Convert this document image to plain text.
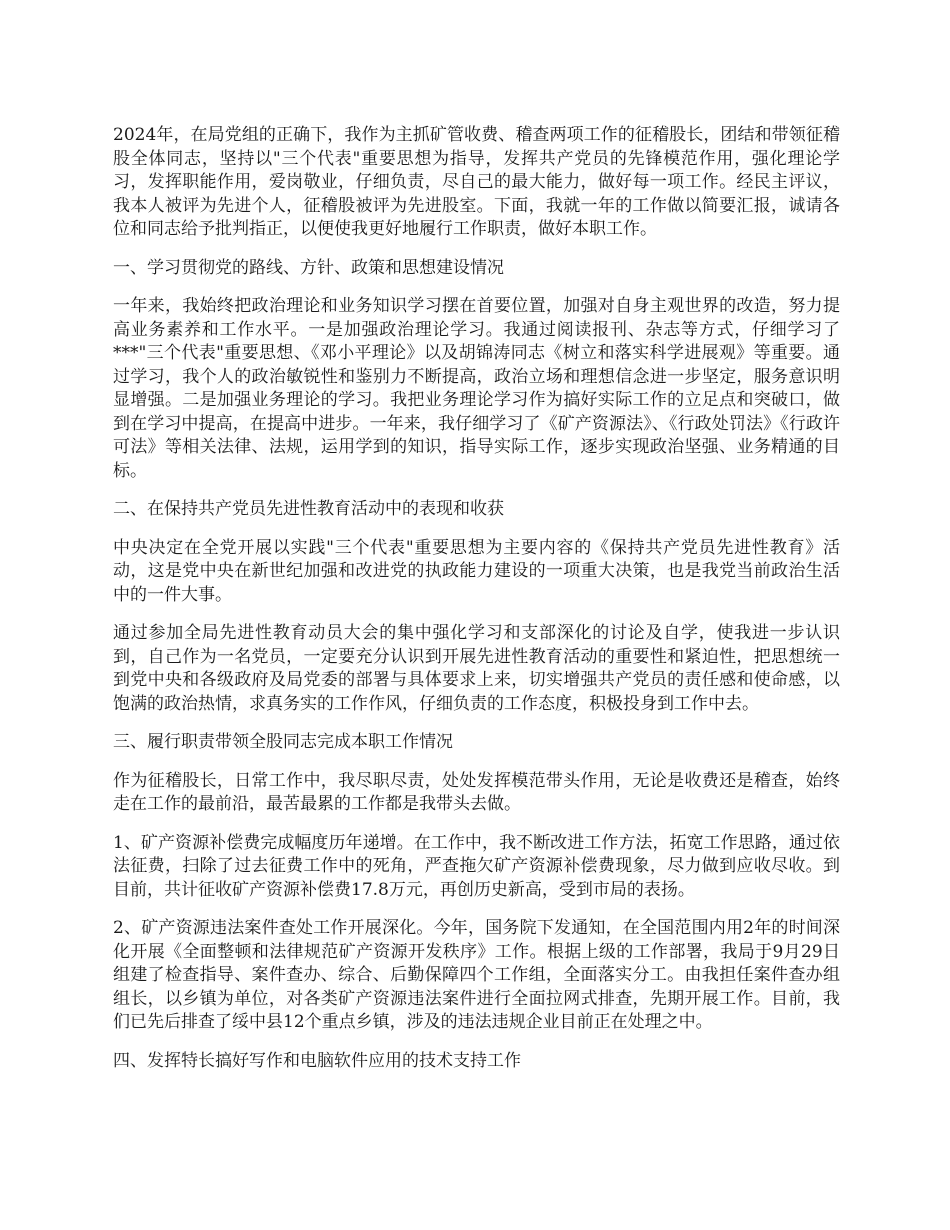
2024年，在局党组的正确下，我作为主抓矿管收费、稽查两项工作的征稽股长，团结和带领征稽股全体同志，坚持以"三个代表"重要思想为指导，发挥共产党员的先锋模范作用，强化理论学习，发挥职能作用，爱岗敬业，仔细负责，尽自己的最大能力，做好每一项工作。经民主评议，我本人被评为先进个人，征稽股被评为先进股室。下面，我就一年的工作做以简要汇报，诚请各位和同志给予批判指正，以便使我更好地履行工作职责，做好本职工作。

一、学习贯彻党的路线、方针、政策和思想建设情况

一年来，我始终把政治理论和业务知识学习摆在首要位置，加强对自身主观世界的改造，努力提高业务素养和工作水平。一是加强政治理论学习。我通过阅读报刊、杂志等方式，仔细学习了***"三个代表"重要思想、《邓小平理论》以及胡锦涛同志《树立和落实科学进展观》等重要。通过学习，我个人的政治敏锐性和鉴别力不断提高，政治立场和理想信念进一步坚定，服务意识明显增强。二是加强业务理论的学习。我把业务理论学习作为搞好实际工作的立足点和突破口，做到在学习中提高，在提高中进步。一年来，我仔细学习了《矿产资源法》、《行政处罚法》《行政许可法》等相关法律、法规，运用学到的知识，指导实际工作，逐步实现政治坚强、业务精通的目标。

二、在保持共产党员先进性教育活动中的表现和收获

中央决定在全党开展以实践"三个代表"重要思想为主要内容的《保持共产党员先进性教育》活动，这是党中央在新世纪加强和改进党的执政能力建设的一项重大决策，也是我党当前政治生活中的一件大事。

通过参加全局先进性教育动员大会的集中强化学习和支部深化的讨论及自学，使我进一步认识到，自己作为一名党员，一定要充分认识到开展先进性教育活动的重要性和紧迫性，把思想统一到党中央和各级政府及局党委的部署与具体要求上来，切实增强共产党员的责任感和使命感，以饱满的政治热情，求真务实的工作作风，仔细负责的工作态度，积极投身到工作中去。

三、履行职责带领全股同志完成本职工作情况

作为征稽股长，日常工作中，我尽职尽责，处处发挥模范带头作用，无论是收费还是稽查，始终走在工作的最前沿，最苦最累的工作都是我带头去做。

1、矿产资源补偿费完成幅度历年递增。在工作中，我不断改进工作方法，拓宽工作思路，通过依法征费，扫除了过去征费工作中的死角，严查拖欠矿产资源补偿费现象，尽力做到应收尽收。到目前，共计征收矿产资源补偿费17.8万元，再创历史新高，受到市局的表扬。

2、矿产资源违法案件查处工作开展深化。今年，国务院下发通知，在全国范围内用2年的时间深化开展《全面整顿和法律规范矿产资源开发秩序》工作。根据上级的工作部署，我局于9月29日组建了检查指导、案件查办、综合、后勤保障四个工作组，全面落实分工。由我担任案件查办组组长，以乡镇为单位，对各类矿产资源违法案件进行全面拉网式排查，先期开展工作。目前，我们已先后排查了绥中县12个重点乡镇，涉及的违法违规企业目前正在处理之中。

四、发挥特长搞好写作和电脑软件应用的技术支持工作
